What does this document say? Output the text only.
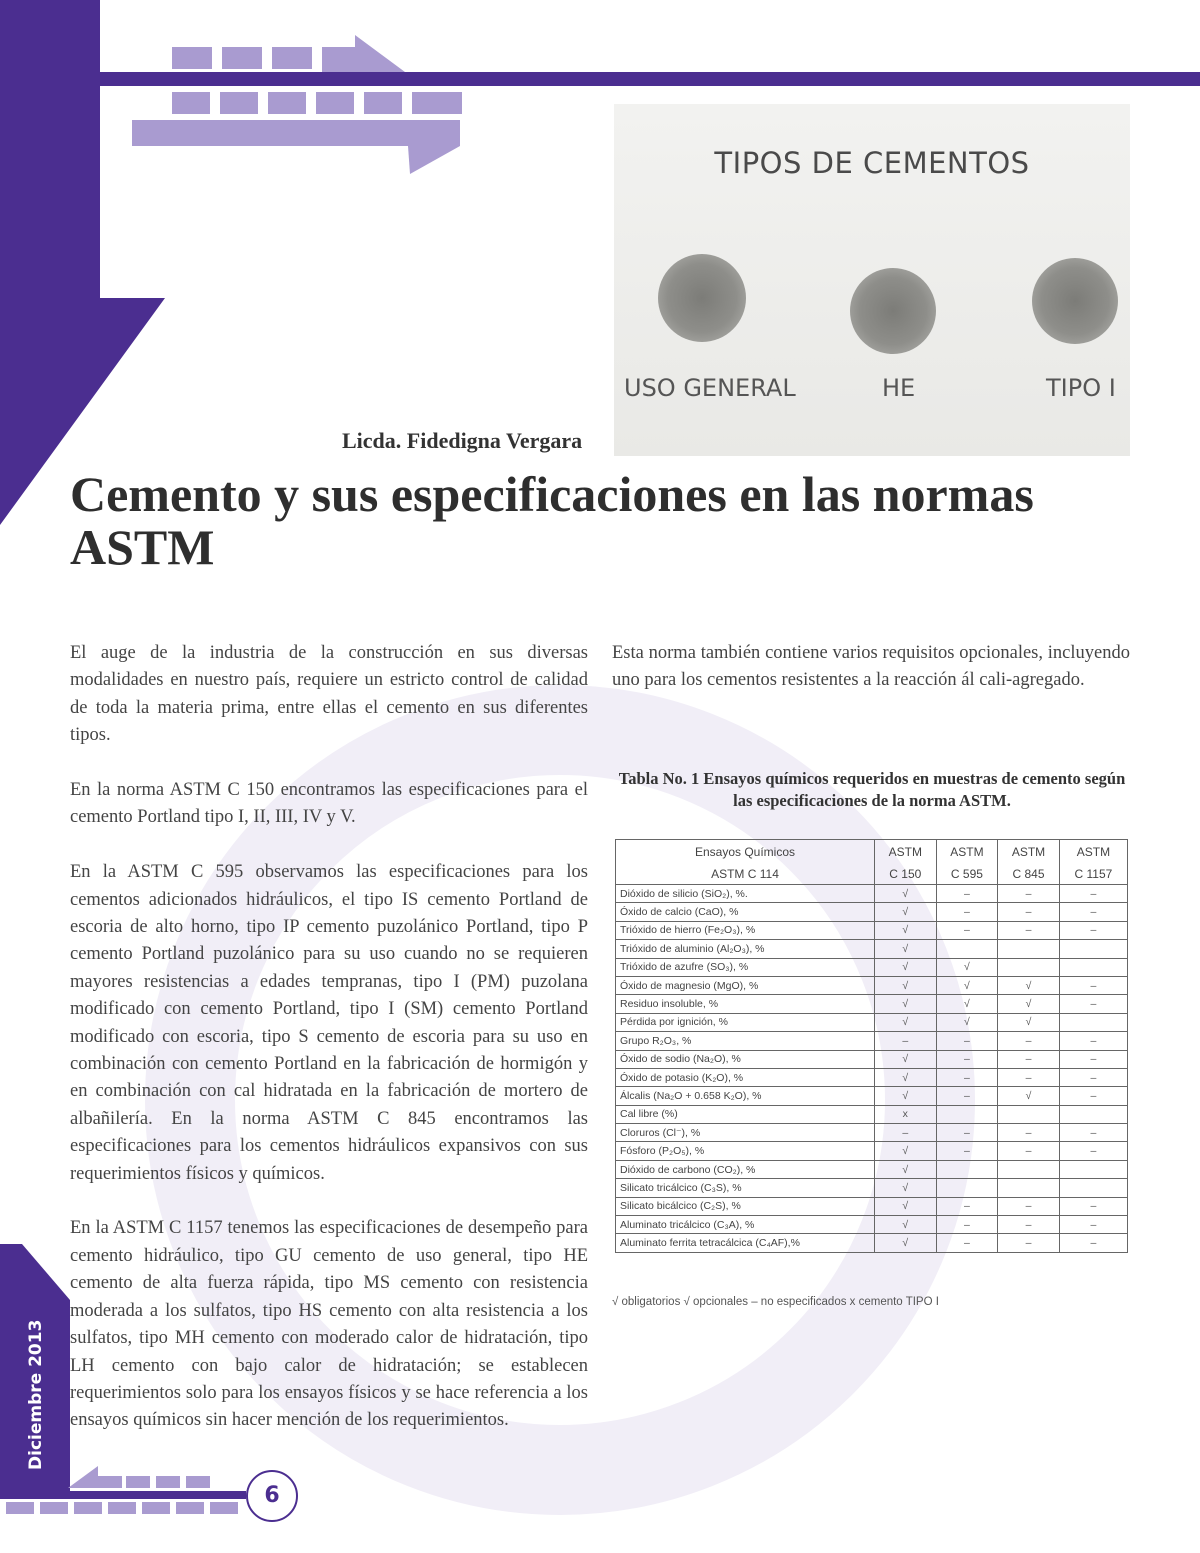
TIPOS DE CEMENTOS
USO GENERAL	HE	TIPO I
Licda. Fidedigna Vergara
Cemento y sus especificaciones en las normas ASTM

El auge de la industria de la construcción en sus diversas modalidades en nuestro país, requiere un estricto control de calidad de toda la materia prima, entre ellas el cemento en sus diferentes tipos.

En la norma ASTM C 150 encontramos las especificaciones para el cemento Portland tipo I, II, III, IV y V.

En la ASTM C 595 observamos las especificaciones para los cementos adicionados hidráulicos, el tipo IS cemento Portland de escoria de alto horno, tipo IP cemento puzolánico Portland, tipo P cemento Portland puzolánico para su uso cuando no se requieren mayores resistencias a edades tempranas, tipo I (PM) puzolana modificado con cemento Portland, tipo I (SM) cemento Portland modificado con escoria, tipo S cemento de escoria para su uso en combinación con cemento Portland en la fabricación de hormigón y en combinación con cal hidratada en la fabricación de mortero de albañilería. En la norma ASTM C 845 encontramos las especificaciones para los cementos hidráulicos expansivos con sus requerimientos físicos y químicos.

En la ASTM C 1157 tenemos las especificaciones de desempeño para cemento hidráulico, tipo GU cemento de uso general, tipo HE cemento de alta fuerza rápida, tipo MS cemento con resistencia moderada a los sulfatos, tipo HS cemento con alta resistencia a los sulfatos, tipo MH cemento con moderado calor de hidratación, tipo LH cemento con bajo calor de hidratación; se establecen requerimientos solo para los ensayos físicos y se hace referencia a los ensayos químicos sin hacer mención de los requerimientos.

Esta norma también contiene varios requisitos opcionales, incluyendo uno para los cementos resistentes a la reacción ál cali-agregado.

Tabla No. 1 Ensayos químicos requeridos en muestras de cemento según las especificaciones de la norma ASTM.
Ensayos Químicos	ASTM	ASTM	ASTM	ASTM
ASTM C 114	C 150	C 595	C 845	C 1157
Dióxido de silicio (SiO₂), %.	√	–	–	–
Óxido de calcio (CaO), %	√	–	–	–
Trióxido de hierro (Fe₂O₃), %	√	–	–	–
Trióxido de aluminio (Al₂O₃), %	√			
Trióxido de azufre (SO₃), %	√	√		
Óxido de magnesio (MgO), %	√	√	√	–
Residuo insoluble, %	√	√	√	–
Pérdida por ignición, %	√	√	√	
Grupo R₂O₃, %	–	–	–	–
Óxido de sodio (Na₂O), %	√	–	–	–
Óxido de potasio (K₂O), %	√	–	–	–
Álcalis (Na₂O + 0.658 K₂O), %	√	–	√	–
Cal libre (%)	x			
Cloruros (Cl⁻), %	–	–	–	–
Fósforo (P₂O₅), %	√	–	–	–
Dióxido de carbono (CO₂), %	√			
Silicato tricálcico (C₃S), %	√			
Silicato bicálcico (C₂S), %	√	–	–	–
Aluminato tricálcico (C₃A), %	√	–	–	–
Aluminato ferrita tetracálcica (C₄AF),%	√	–	–	–
√ obligatorios √ opcionales – no especificados x cemento TIPO I
Diciembre 2013
6
